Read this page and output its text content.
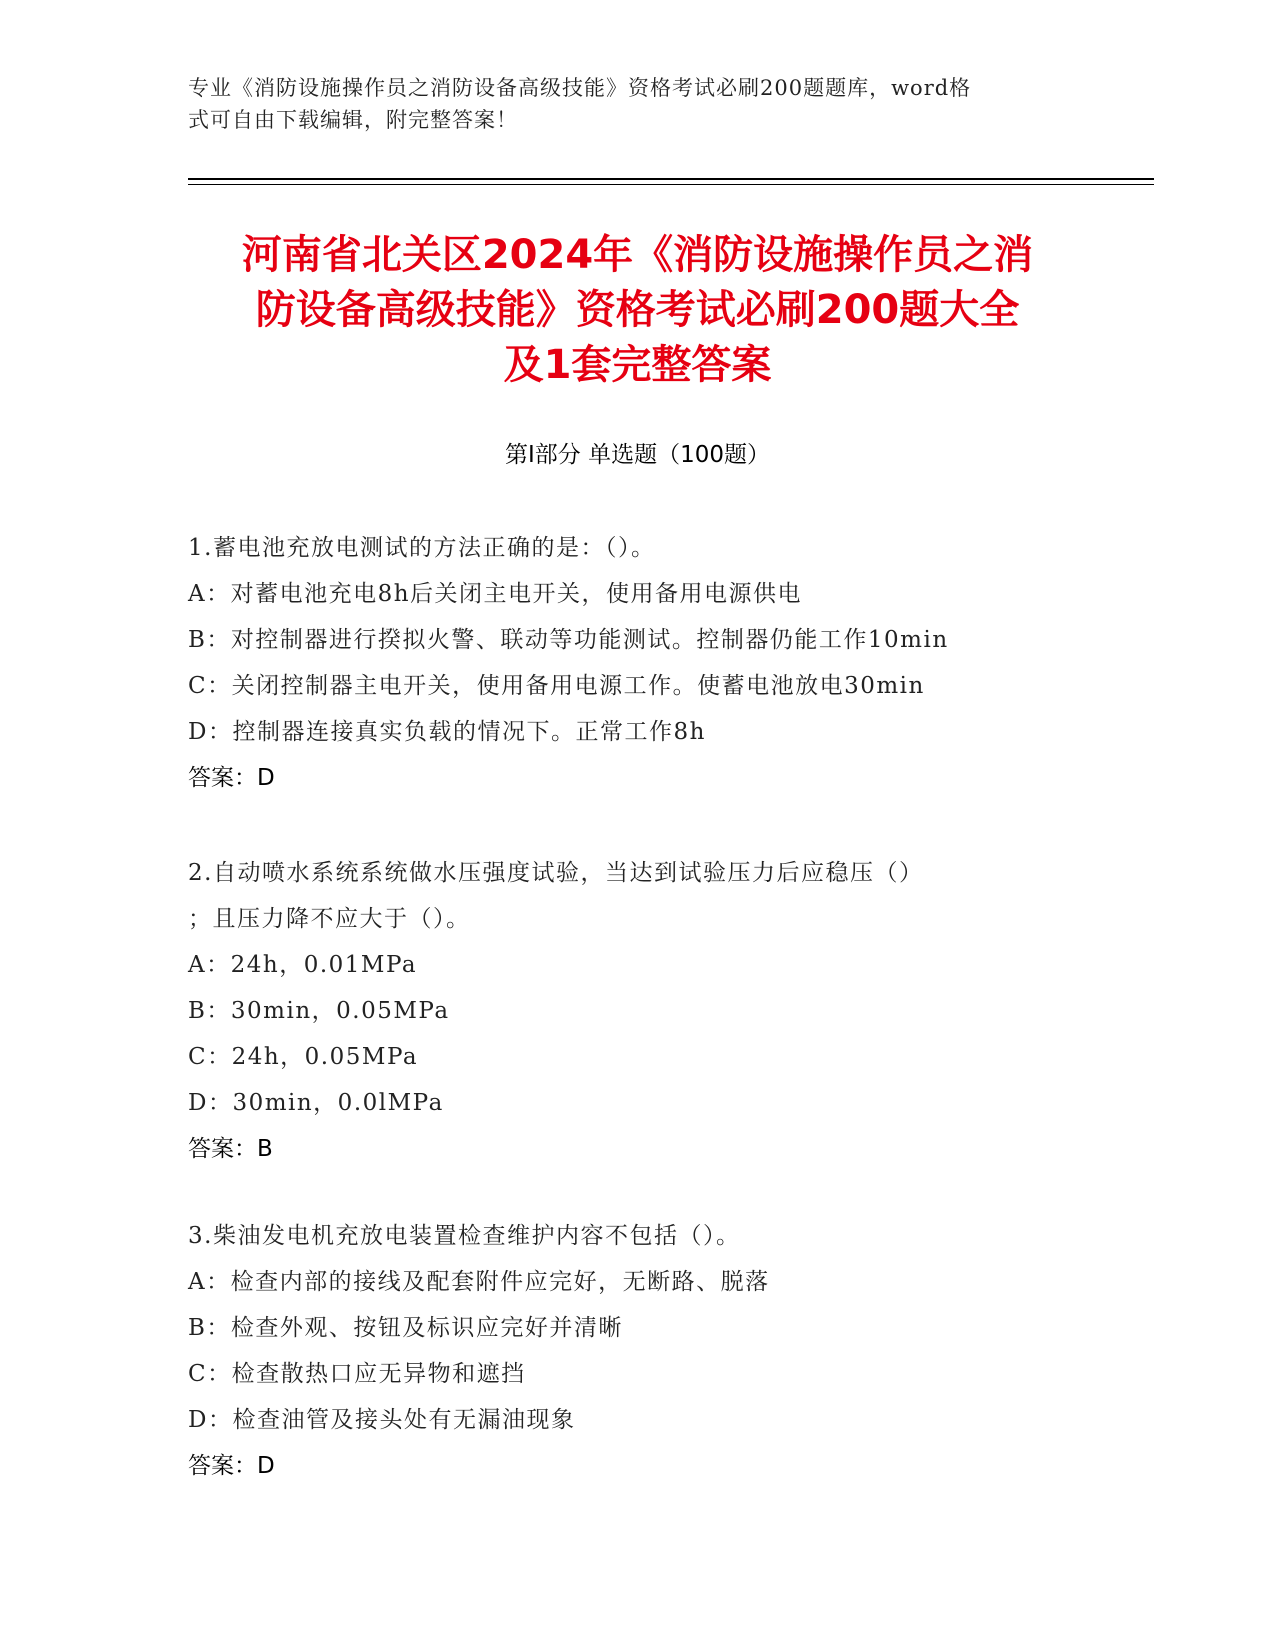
专业《消防设施操作员之消防设备高级技能》资格考试必刷200题题库，word格
式可自由下载编辑，附完整答案！
河南省北关区2024年《消防设施操作员之消
防设备高级技能》资格考试必刷200题大全
及1套完整答案
第Ⅰ部分 单选题（100题）
1.蓄电池充放电测试的方法正确的是：（）。
A：对蓄电池充电8h后关闭主电开关，使用备用电源供电
B：对控制器进行揆拟火警、联动等功能测试。控制器仍能工作10min
C：关闭控制器主电开关，使用备用电源工作。使蓄电池放电30min
D：控制器连接真实负载的情况下。正常工作8h
答案：D
2.自动喷水系统系统做水压强度试验，当达到试验压力后应稳压（）
；且压力降不应大于（）。
A：24h，0.01MPa
B：30min，0.05MPa
C：24h，0.05MPa
D：30min，0.0lMPa
答案：B
3.柴油发电机充放电装置检查维护内容不包括（）。
A：检查内部的接线及配套附件应完好，无断路、脱落
B：检查外观、按钮及标识应完好并清晰
C：检查散热口应无异物和遮挡
D：检查油管及接头处有无漏油现象
答案：D
